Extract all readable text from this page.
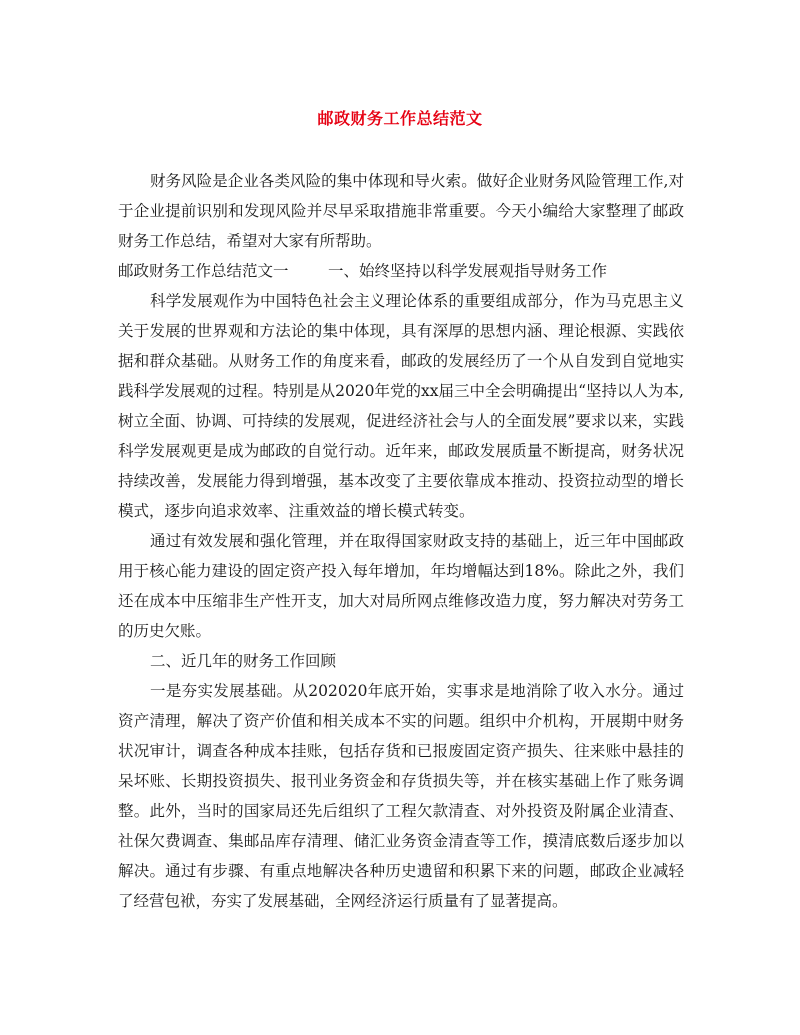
邮政财务工作总结范文

财务风险是企业各类风险的集中体现和导火索。做好企业财务风险管理工作,对于企业提前识别和发现风险并尽早采取措施非常重要。今天小编给大家整理了邮政财务工作总结，希望对大家有所帮助。

邮政财务工作总结范文一	一、始终坚持以科学发展观指导财务工作

科学发展观作为中国特色社会主义理论体系的重要组成部分，作为马克思主义关于发展的世界观和方法论的集中体现，具有深厚的思想内涵、理论根源、实践依据和群众基础。从财务工作的角度来看，邮政的发展经历了一个从自发到自觉地实践科学发展观的过程。特别是从2020年党的xx届三中全会明确提出“坚持以人为本,树立全面、协调、可持续的发展观，促进经济社会与人的全面发展”要求以来，实践科学发展观更是成为邮政的自觉行动。近年来，邮政发展质量不断提高，财务状况持续改善，发展能力得到增强，基本改变了主要依靠成本推动、投资拉动型的增长模式，逐步向追求效率、注重效益的增长模式转变。

通过有效发展和强化管理，并在取得国家财政支持的基础上，近三年中国邮政用于核心能力建设的固定资产投入每年增加，年均增幅达到18%。除此之外，我们还在成本中压缩非生产性开支，加大对局所网点维修改造力度，努力解决对劳务工的历史欠账。

二、近几年的财务工作回顾

一是夯实发展基础。从202020年底开始，实事求是地消除了收入水分。通过资产清理，解决了资产价值和相关成本不实的问题。组织中介机构，开展期中财务状况审计，调查各种成本挂账，包括存货和已报废固定资产损失、往来账中悬挂的呆坏账、长期投资损失、报刊业务资金和存货损失等，并在核实基础上作了账务调整。此外，当时的国家局还先后组织了工程欠款清查、对外投资及附属企业清查、社保欠费调查、集邮品库存清理、储汇业务资金清查等工作，摸清底数后逐步加以解决。通过有步骤、有重点地解决各种历史遗留和积累下来的问题，邮政企业减轻了经营包袱，夯实了发展基础，全网经济运行质量有了显著提高。
